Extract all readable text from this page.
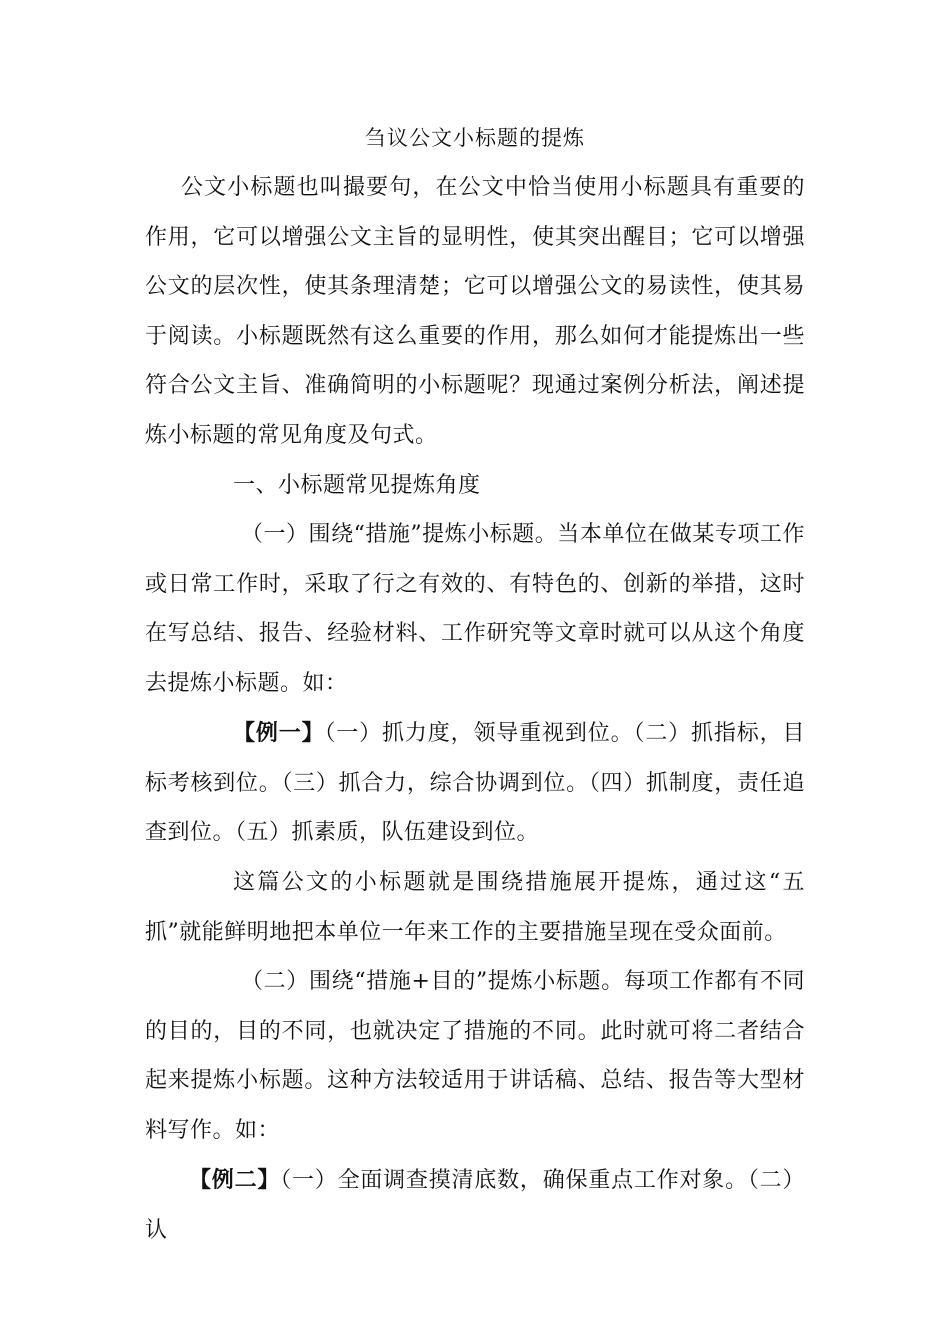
刍议公文小标题的提炼

公文小标题也叫撮要句，在公文中恰当使用小标题具有重要的作用，它可以增强公文主旨的显明性，使其突出醒目；它可以增强公文的层次性，使其条理清楚；它可以增强公文的易读性，使其易于阅读。小标题既然有这么重要的作用，那么如何才能提炼出一些符合公文主旨、准确简明的小标题呢？现通过案例分析法，阐述提炼小标题的常见角度及句式。

一、小标题常见提炼角度

（一）围绕“措施”提炼小标题。当本单位在做某专项工作或日常工作时，采取了行之有效的、有特色的、创新的举措，这时在写总结、报告、经验材料、工作研究等文章时就可以从这个角度去提炼小标题。如：

【例一】（一）抓力度，领导重视到位。（二）抓指标，目标考核到位。（三）抓合力，综合协调到位。（四）抓制度，责任追查到位。（五）抓素质，队伍建设到位。

这篇公文的小标题就是围绕措施展开提炼，通过这“五抓”就能鲜明地把本单位一年来工作的主要措施呈现在受众面前。

（二）围绕“措施+目的”提炼小标题。每项工作都有不同的目的，目的不同，也就决定了措施的不同。此时就可将二者结合起来提炼小标题。这种方法较适用于讲话稿、总结、报告等大型材料写作。如：

【例二】（一）全面调查摸清底数，确保重点工作对象。（二）认
